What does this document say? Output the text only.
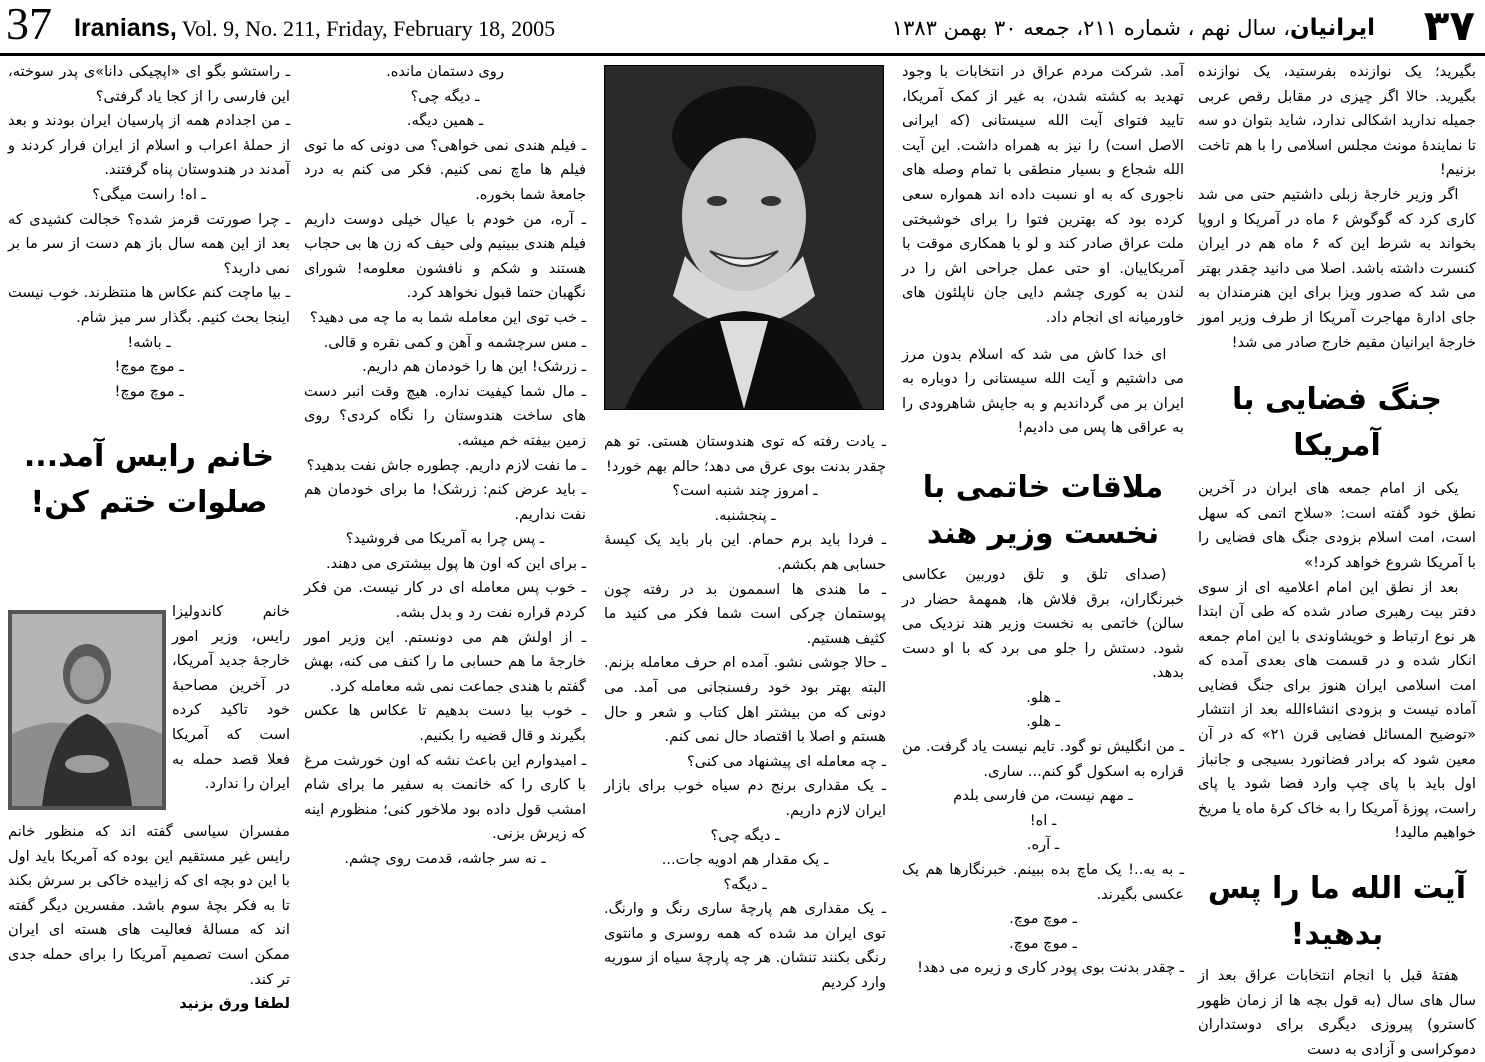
37 Iranians, Vol. 9, No. 211, Friday, February 18, 2005	۳۷
ایرانیان، سال نهم ، شماره ۲۱۱، جمعه ۳۰ بهمن ۱۳۸۳

بگیرید؛ یک نوازنده بفرستید، یک نوازنده بگیرید. حالا اگر چیزی در مقابل رقص عربی جمیله ندارید اشکالی ندارد، شاید بتوان دو سه تا نمایندهٔ مونث مجلس اسلامی را با هم تاخت بزنیم!

اگر وزیر خارجهٔ زبلی داشتیم حتی می شد کاری کرد که گوگوش ۶ ماه در آمریکا و اروپا بخواند به شرط این که ۶ ماه هم در ایران کنسرت داشته باشد. اصلا می دانید چقدر بهتر می شد که صدور ویزا برای این هنرمندان به جای ادارهٔ مهاجرت آمریکا از طرف وزیر امور خارجهٔ ایرانیان مقیم خارج صادر می شد!

جنگ فضایی با آمریکا

یکی از امام جمعه های ایران در آخرین نطق خود گفته است: «سلاح اتمی که سهل است، امت اسلام بزودی جنگ های فضایی را با آمریکا شروع خواهد کرد!»

بعد از نطق این امام اعلامیه ای از سوی دفتر بیت رهبری صادر شده که طی آن ابتدا هر نوع ارتباط و خویشاوندی با این امام جمعه انکار شده و در قسمت های بعدی آمده که امت اسلامی ایران هنوز برای جنگ فضایی آماده نیست و بزودی انشاءالله بعد از انتشار «توضیح المسائل فضایی قرن ۲۱» که در آن معین شود که برادر فضانورد بسیجی و جانباز اول باید با پای چپ وارد فضا شود یا پای راست، پوزهٔ آمریکا را به خاک کرهٔ ماه یا مریخ خواهیم مالید!

آیت الله ما را پس بدهید!

هفتهٔ قبل با انجام انتخابات عراق بعد از سال های سال (به قول بچه ها از زمان ظهور کاسترو) پیروزی دیگری برای دوستداران دموکراسی و آزادی به دست

آمد. شرکت مردم عراق در انتخابات با وجود تهدید به کشته شدن، به غیر از کمک آمریکا، تایید فتوای آیت الله سیستانی (که ایرانی الاصل است) را نیز به همراه داشت. این آیت الله شجاع و بسیار منطقی با تمام وصله های ناجوری که به او نسبت داده اند همواره سعی کرده بود که بهترین فتوا را برای خوشبختی ملت عراق صادر کند و لو با همکاری موقت با آمریکاییان. او حتی عمل جراحی اش را در لندن به کوری چشم دایی جان ناپلئون های خاورمیانه ای انجام داد.

ای خدا کاش می شد که اسلام بدون مرز می داشتیم و آیت الله سیستانی را دوباره به ایران بر می گرداندیم و به جایش شاهرودی را به عراقی ها پس می دادیم!

ملاقات خاتمی با
نخست وزیر هند

(صدای تلق و تلق دوربین عکاسی خبرنگاران، برق فلاش ها، همهمهٔ حضار در سالن) خاتمی به نخست وزیر هند نزدیک می شود. دستش را جلو می برد که با او دست بدهد.

ـ هلو.

ـ هلو.

ـ من انگلیش نو گود. تایم نیست یاد گرفت. من قراره به اسکول گو کنم... ساری.

ـ مهم نیست، من فارسی بلدم

ـ اه!

ـ آره.

ـ به به..! یک ماچ بده ببینم. خبرنگارها هم یک عکسی بگیرند.

ـ موچ موچ.

ـ موچ موچ.

ـ چقدر بدنت بوی پودر کاری و زیره می دهد!

ـ یادت رفته که توی هندوستان هستی. تو هم چقدر بدنت بوی عرق می دهد؛ حالم بهم خورد!

ـ امروز چند شنبه است؟

ـ پنجشنبه.

ـ فردا باید برم حمام. این بار باید یک کیسهٔ حسابی هم بکشم.

ـ ما هندی ها اسممون بد در رفته چون پوستمان چرکی است شما فکر می کنید ما کثیف هستیم.

ـ حالا جوشی نشو. آمده ام حرف معامله بزنم. البته بهتر بود خود رفسنجانی می آمد. می دونی که من بیشتر اهل کتاب و شعر و حال هستم و اصلا با اقتصاد حال نمی کنم.

ـ چه معامله ای پیشنهاد می کنی؟

ـ یک مقداری برنج دم سیاه خوب برای بازار ایران لازم داریم.

ـ دیگه چی؟

ـ یک مقدار هم ادویه جات...

ـ دیگه؟

ـ یک مقداری هم پارچهٔ ساری رنگ و وارنگ. توی ایران مد شده که همه روسری و مانتوی رنگی بکنند تنشان. هر چه پارچهٔ سیاه از سوریه وارد کردیم

روی دستمان مانده.

ـ دیگه چی؟

ـ همین دیگه.

ـ فیلم هندی نمی خواهی؟ می دونی که ما توی فیلم ها ماچ نمی کنیم. فکر می کنم به درد جامعهٔ شما بخوره.

ـ آره، من خودم با عیال خیلی دوست داریم فیلم هندی ببینیم ولی حیف که زن ها بی حجاب هستند و شکم و نافشون معلومه! شورای نگهبان حتما قبول نخواهد کرد.

ـ خب توی این معامله شما به ما چه می دهید؟

ـ مس سرچشمه و آهن و کمی نقره و قالی.

ـ زرشک! این ها را خودمان هم داریم.

ـ مال شما کیفیت نداره. هیچ وقت انبر دست های ساخت هندوستان را نگاه کردی؟ روی زمین بیفته خم میشه.

ـ ما نفت لازم داریم. چطوره جاش نفت بدهید؟

ـ باید عرض کنم: زرشک! ما برای خودمان هم نفت نداریم.

ـ پس چرا به آمریکا می فروشید؟

ـ برای این که اون ها پول بیشتری می دهند.

ـ خوب پس معامله ای در کار نیست. من فکر کردم قراره نفت رد و بدل بشه.

ـ از اولش هم می دونستم. این وزیر امور خارجهٔ ما هم حسابی ما را کنف می کنه، بهش گفتم با هندی جماعت نمی شه معامله کرد.

ـ خوب بیا دست بدهیم تا عکاس ها عکس بگیرند و قال قضیه را بکنیم.

ـ امیدوارم این باعث نشه که اون خورشت مرغ با کاری را که خانمت به سفیر ما برای شام امشب قول داده بود ملاخور کنی؛ منظورم اینه که زیرش بزنی.

ـ نه سر جاشه، قدمت روی چشم.

ـ راستشو بگو ای «اپچیکی دانا»ی پدر سوخته، این فارسی را از کجا یاد گرفتی؟

ـ من اجدادم همه از پارسیان ایران بودند و بعد از حملهٔ اعراب و اسلام از ایران فرار کردند و آمدند در هندوستان پناه گرفتند.

ـ اه! راست میگی؟

ـ چرا صورتت قرمز شده؟ خجالت کشیدی که بعد از این همه سال باز هم دست از سر ما بر نمی دارید؟

ـ بیا ماچت کنم عکاس ها منتظرند. خوب نیست اینجا بحث کنیم. بگذار سر میز شام.

ـ باشه!

ـ موچ موچ!

ـ موچ موچ!

خانم رایس آمد...
صلوات ختم کن!
خانم کاندولیزا رایس، وزیر امور خارجهٔ جدید آمریکا، در آخرین مصاحبهٔ خود تاکید کرده است که آمریکا فعلا قصد حمله به ایران را ندارد.

مفسران سیاسی گفته اند که منظور خانم رایس غیر مستقیم این بوده که آمریکا باید اول با این دو بچه ای که زاییده خاکی بر سرش بکند تا به فکر بچهٔ سوم باشد. مفسرین دیگر گفته اند که مسالهٔ فعالیت های هسته ای ایران ممکن است تصمیم آمریکا را برای حمله جدی تر کند.

لطفا ورق بزنید
